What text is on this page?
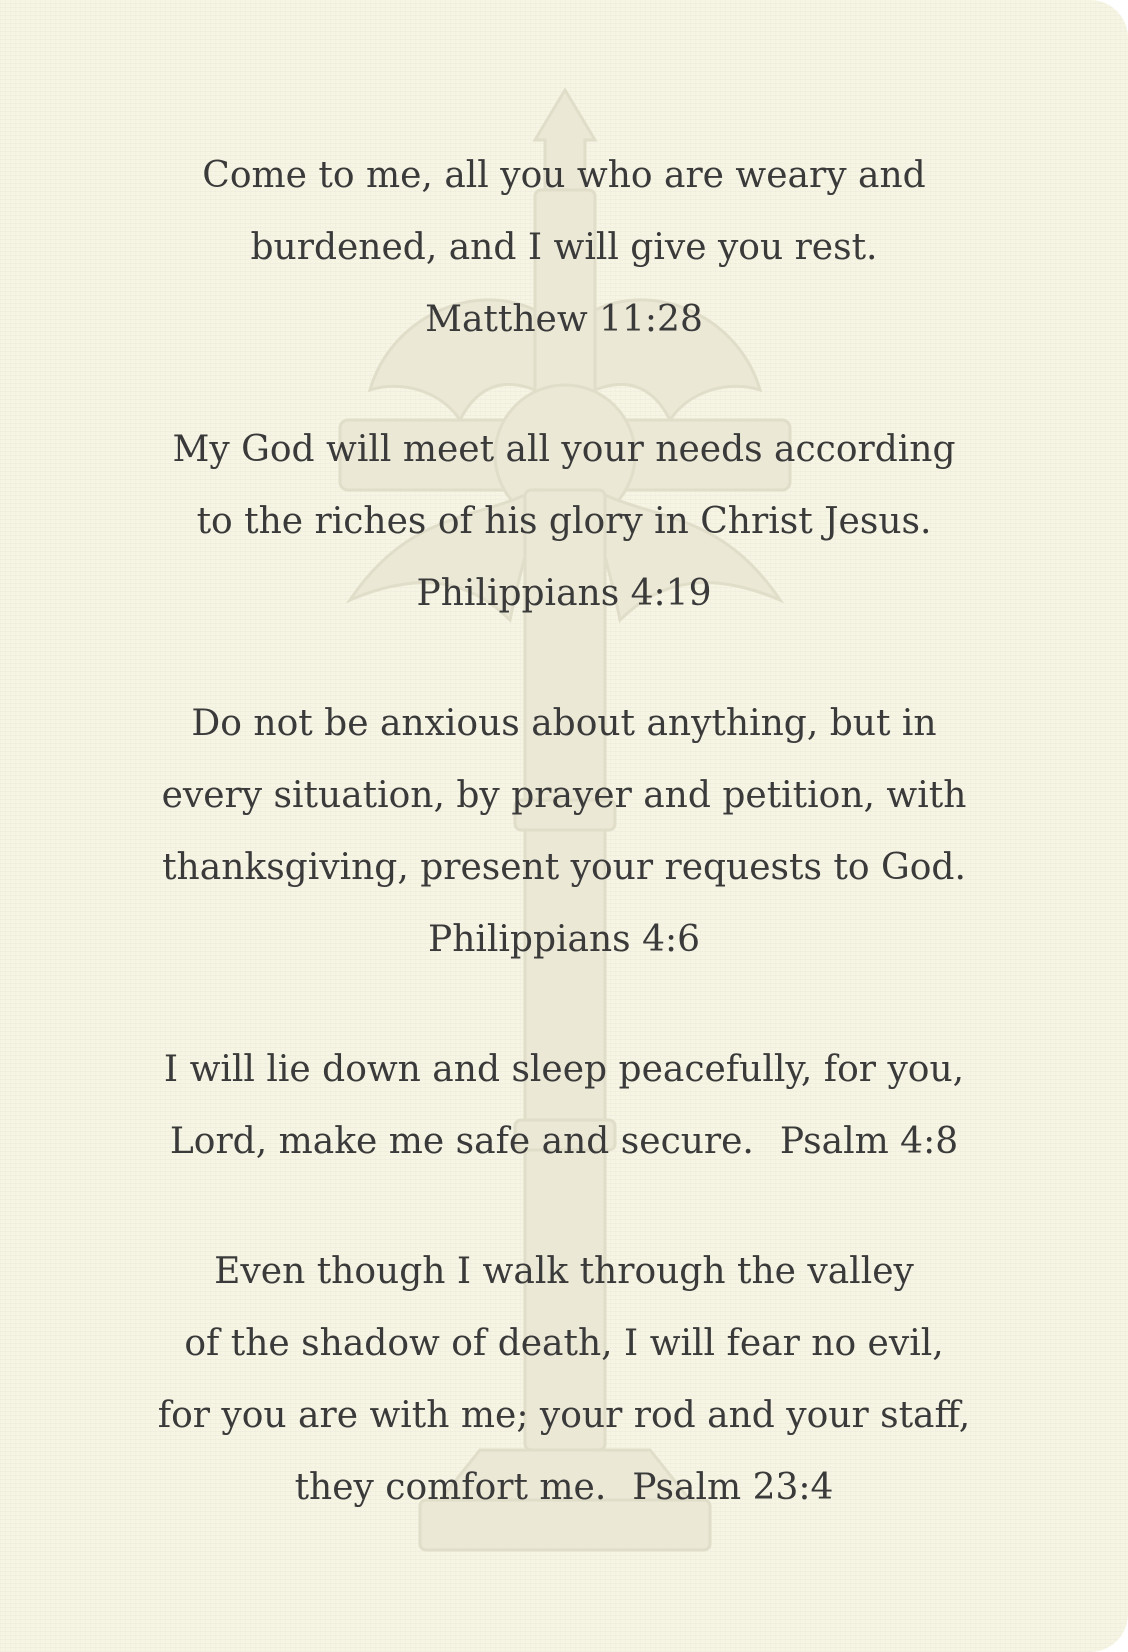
Come to me, all you who are weary and
burdened, and I will give you rest.
Matthew 11:28
My God will meet all your needs according
to the riches of his glory in Christ Jesus.
Philippians 4:19
Do not be anxious about anything, but in
every situation, by prayer and petition, with
thanksgiving, present your requests to God.
Philippians 4:6
I will lie down and sleep peacefully, for you,
Lord, make me safe and secure. Psalm 4:8
Even though I walk through the valley
of the shadow of death, I will fear no evil,
for you are with me; your rod and your staff,
they comfort me. Psalm 23:4
